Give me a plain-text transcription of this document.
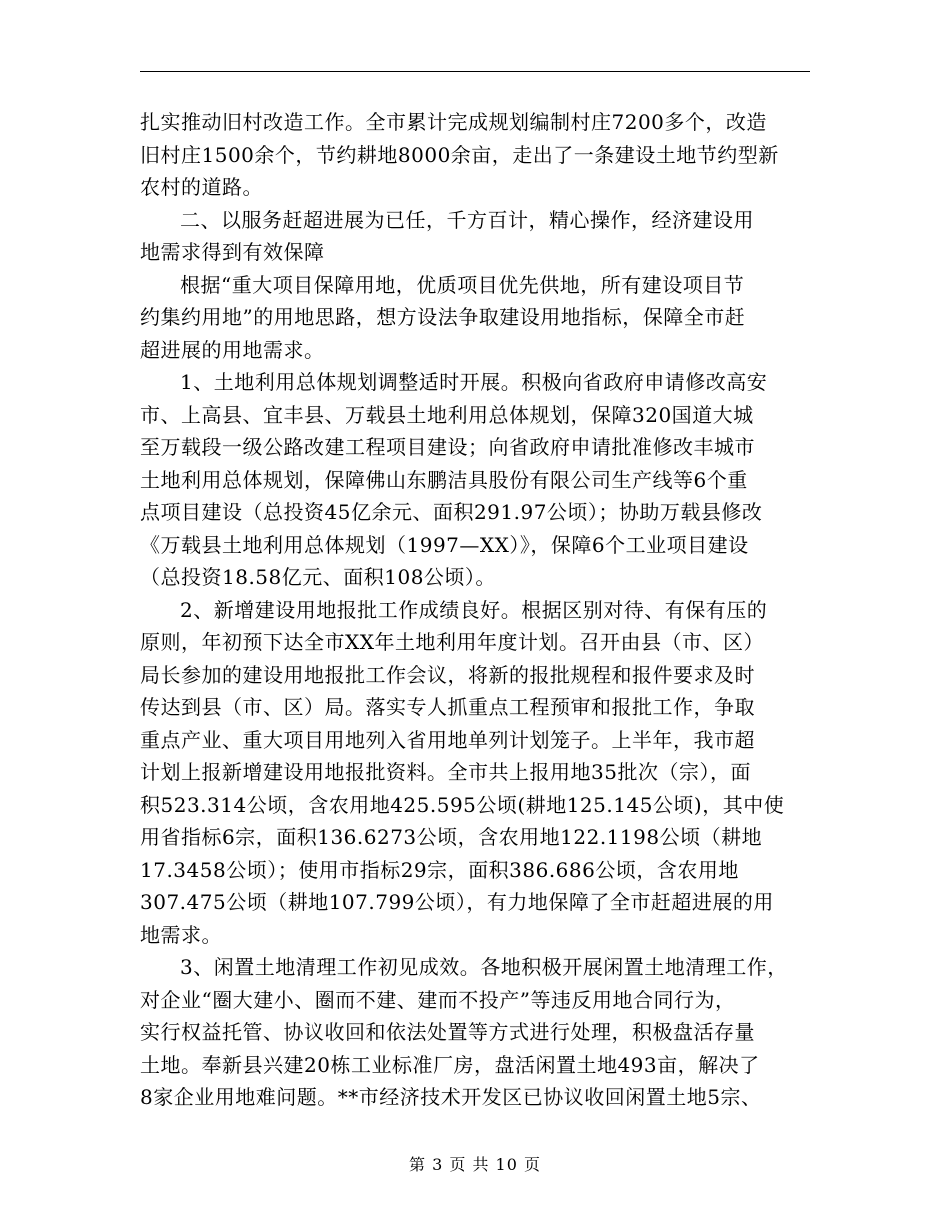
扎实推动旧村改造工作。全市累计完成规划编制村庄7200多个，改造
旧村庄1500余个，节约耕地8000余亩，走出了一条建设土地节约型新
农村的道路。
二、以服务赶超进展为已任，千方百计，精心操作，经济建设用
地需求得到有效保障
根据“重大项目保障用地，优质项目优先供地，所有建设项目节
约集约用地”的用地思路，想方设法争取建设用地指标，保障全市赶
超进展的用地需求。
1、土地利用总体规划调整适时开展。积极向省政府申请修改高安
市、上高县、宜丰县、万载县土地利用总体规划，保障320国道大城
至万载段一级公路改建工程项目建设；向省政府申请批准修改丰城市
土地利用总体规划，保障佛山东鹏洁具股份有限公司生产线等6个重
点项目建设（总投资45亿余元、面积291.97公顷）；协助万载县修改
《万载县土地利用总体规划（1997—XX）》，保障6个工业项目建设
（总投资18.58亿元、面积108公顷）。
2、新增建设用地报批工作成绩良好。根据区别对待、有保有压的
原则，年初预下达全市XX年土地利用年度计划。召开由县（市、区）
局长参加的建设用地报批工作会议，将新的报批规程和报件要求及时
传达到县（市、区）局。落实专人抓重点工程预审和报批工作，争取
重点产业、重大项目用地列入省用地单列计划笼子。上半年，我市超
计划上报新增建设用地报批资料。全市共上报用地35批次（宗），面
积523.314公顷，含农用地425.595公顷(耕地125.145公顷)，其中使
用省指标6宗，面积136.6273公顷，含农用地122.1198公顷（耕地
17.3458公顷）；使用市指标29宗，面积386.686公顷，含农用地
307.475公顷（耕地107.799公顷），有力地保障了全市赶超进展的用
地需求。
3、闲置土地清理工作初见成效。各地积极开展闲置土地清理工作，
对企业“圈大建小、圈而不建、建而不投产”等违反用地合同行为，
实行权益托管、协议收回和依法处置等方式进行处理，积极盘活存量
土地。奉新县兴建20栋工业标准厂房，盘活闲置土地493亩，解决了
8家企业用地难问题。**市经济技术开发区已协议收回闲置土地5宗、
第 3 页 共 10 页
